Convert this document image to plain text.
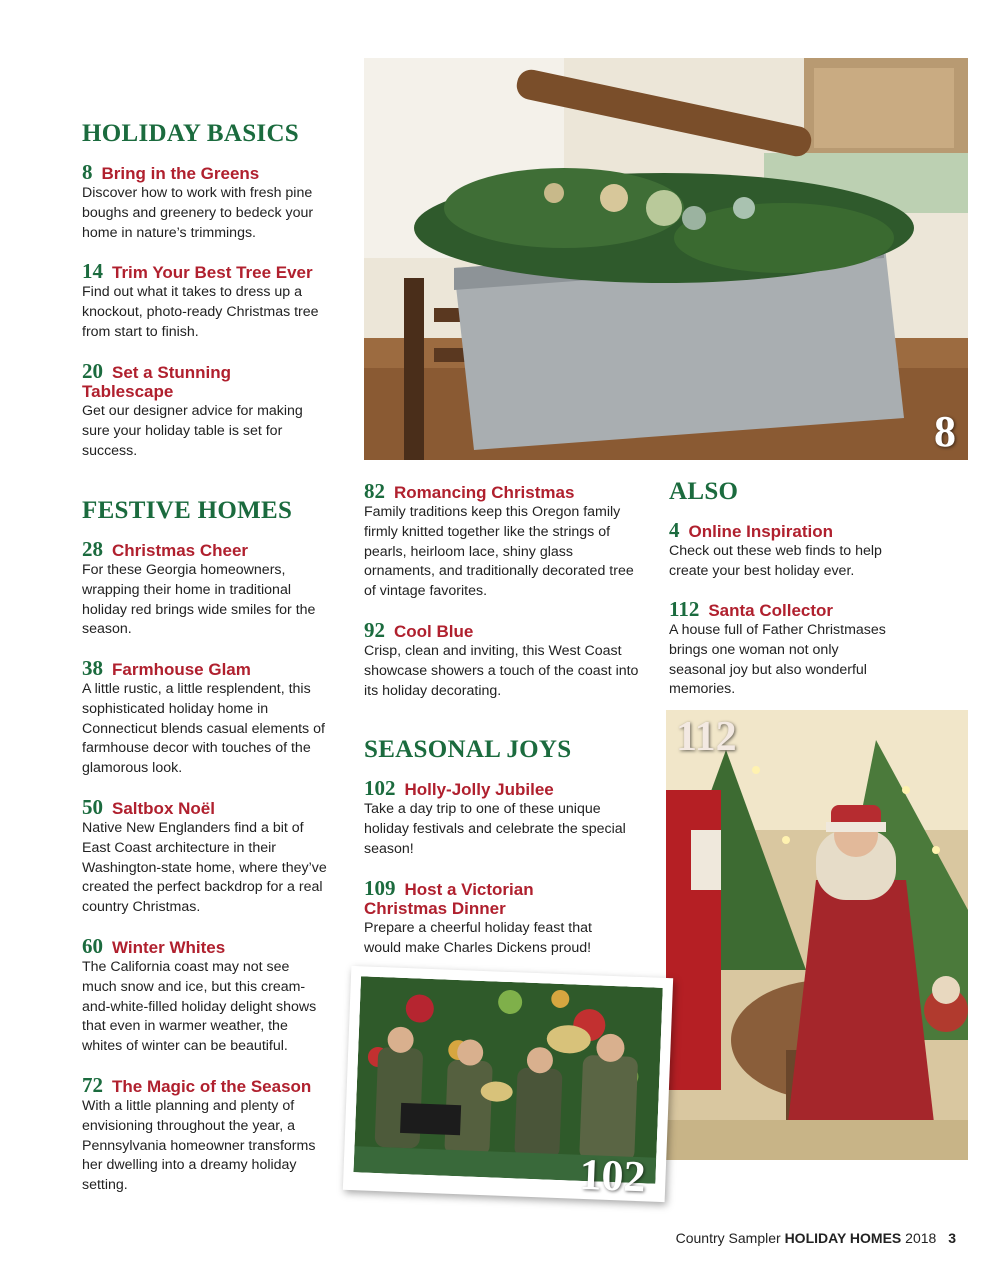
HOLIDAY BASICS

8 Bring in the Greens

Discover how to work with fresh pine boughs and greenery to bedeck your home in nature’s trimmings.

14 Trim Your Best Tree Ever

Find out what it takes to dress up a knockout, photo-ready Christmas tree from start to finish.

20 Set a Stunning Tablescape

Get our designer advice for making sure your holiday table is set for success.

FESTIVE HOMES

28 Christmas Cheer

For these Georgia homeowners, wrapping their home in traditional holiday red brings wide smiles for the season.

38 Farmhouse Glam

A little rustic, a little resplendent, this sophisticated holiday home in Connecticut blends casual elements of farmhouse decor with touches of the glamorous look.

50 Saltbox Noël

Native New Englanders find a bit of East Coast architecture in their Washington-state home, where they’ve created the perfect backdrop for a real country Christmas.

60 Winter Whites

The California coast may not see much snow and ice, but this cream-and-white-filled holiday delight shows that even in warmer weather, the whites of winter can be beautiful.

72 The Magic of the Season

With a little planning and plenty of envisioning throughout the year, a Pennsylvania homeowner transforms her dwelling into a dreamy holiday setting.

8

82 Romancing Christmas

Family traditions keep this Oregon family firmly knitted together like the strings of pearls, heirloom lace, shiny glass ornaments, and traditionally decorated tree of vintage favorites.

92 Cool Blue

Crisp, clean and inviting, this West Coast showcase showers a touch of the coast into its holiday decorating.

SEASONAL JOYS

102 Holly-Jolly Jubilee

Take a day trip to one of these unique holiday festivals and celebrate the special season!

109 Host a Victorian Christmas Dinner

Prepare a cheerful holiday feast that would make Charles Dickens proud!

ALSO

4 Online Inspiration

Check out these web finds to help create your best holiday ever.

112 Santa Collector

A house full of Father Christmases brings one woman not only seasonal joy but also wonderful memories.

112
102
Country Sampler HOLIDAY HOMES 2018 3
